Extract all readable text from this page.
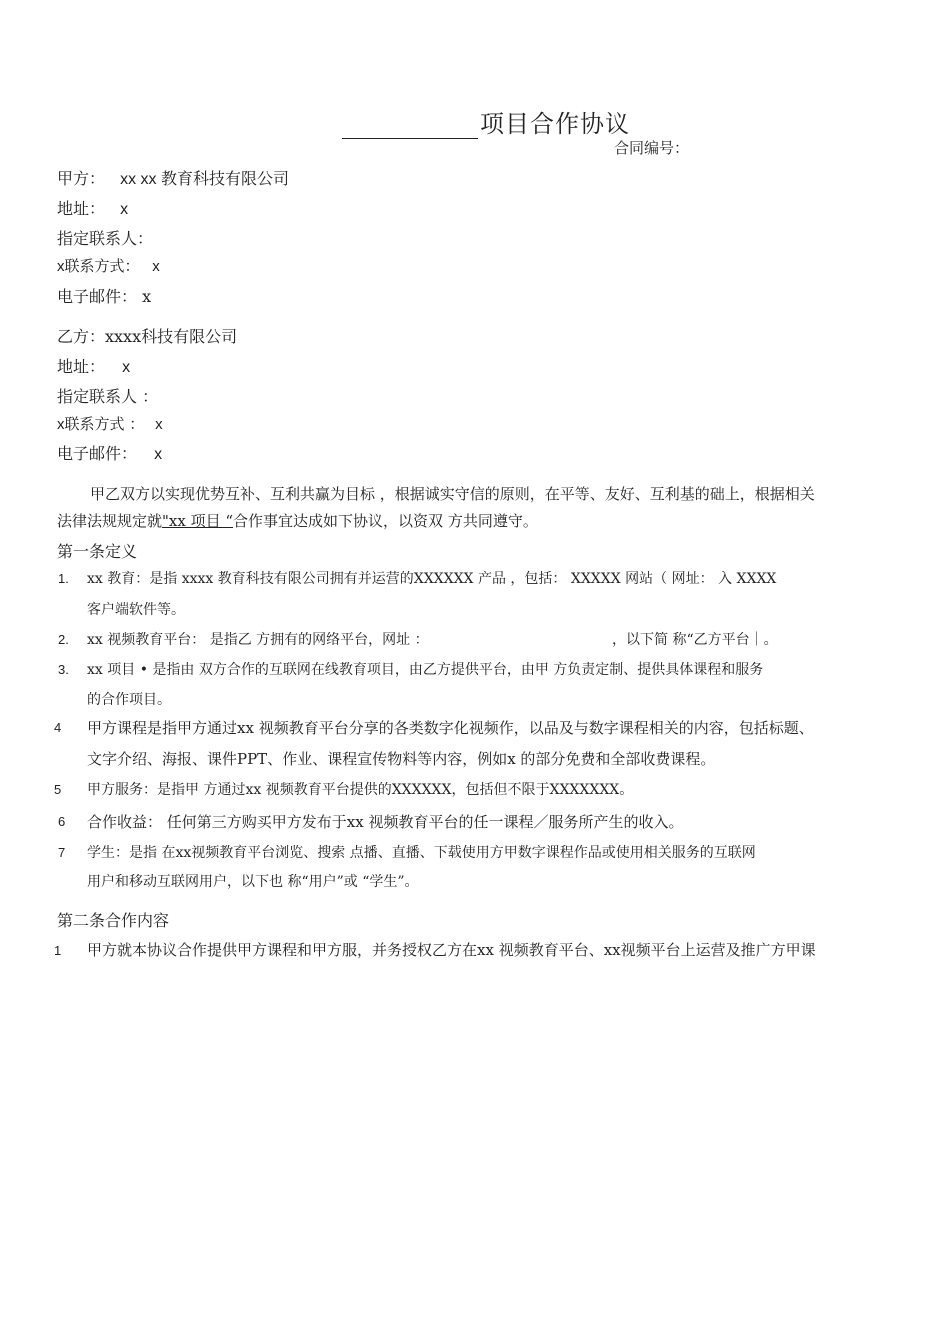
项目合作协议
合同编号：
甲方： xx xx 教育科技有限公司
地址： x
指定联系人：
x联系方式： x
电子邮件： x
乙方：xxxx科技有限公司
地址： x
指定联系人 ：
x联系方式 ： x
电子邮件： x
甲乙双方以实现优势互补、互利共赢为目标 ，根据诚实守信的原则，在平等、友好、互利基的础上，根据相关
法律法规规定就"xx 项目 “合作事宜达成如下协议，以资双 方共同遵守。
第一条定义
1. xx 教育：是指 xxxx 教育科技有限公司拥有并运营的XXXXXX 产品 ，包括： XXXXX 网站（ 网址： 入 XXXX
客户端软件等。
2. xx 视频教育平台： 是指乙 方拥有的网络平台，网址 ：	，以下简 称“乙方平台｜。
3. xx 项目 • 是指由 双方合作的互联网在线教育项目，由乙方提供平台，由甲 方负责定制、提供具体课程和服务
的合作项目。
4 甲方课程是指甲方通过xx 视频教育平台分享的各类数字化视频作，以品及与数字课程相关的内容，包括标题、
文字介绍、海报、课件PPT、作业、课程宣传物料等内容，例如x 的部分免费和全部收费课程。
5 甲方服务：是指甲 方通过xx 视频教育平台提供的XXXXXX，包括但不限于XXXXXXX。
6 合作收益： 任何第三方购买甲方发布于xx 视频教育平台的任一课程／服务所产生的收入。
7 学生：是指 在xx视频教育平台浏览、搜索 点播、直播、下载使用方甲数字课程作品或使用相关服务的互联网
用户和移动互联网用户，以下也 称“用户”或 “学生”。
第二条合作内容
1 甲方就本协议合作提供甲方课程和甲方服，并务授权乙方在xx 视频教育平台、xx视频平台上运营及推广方甲课
